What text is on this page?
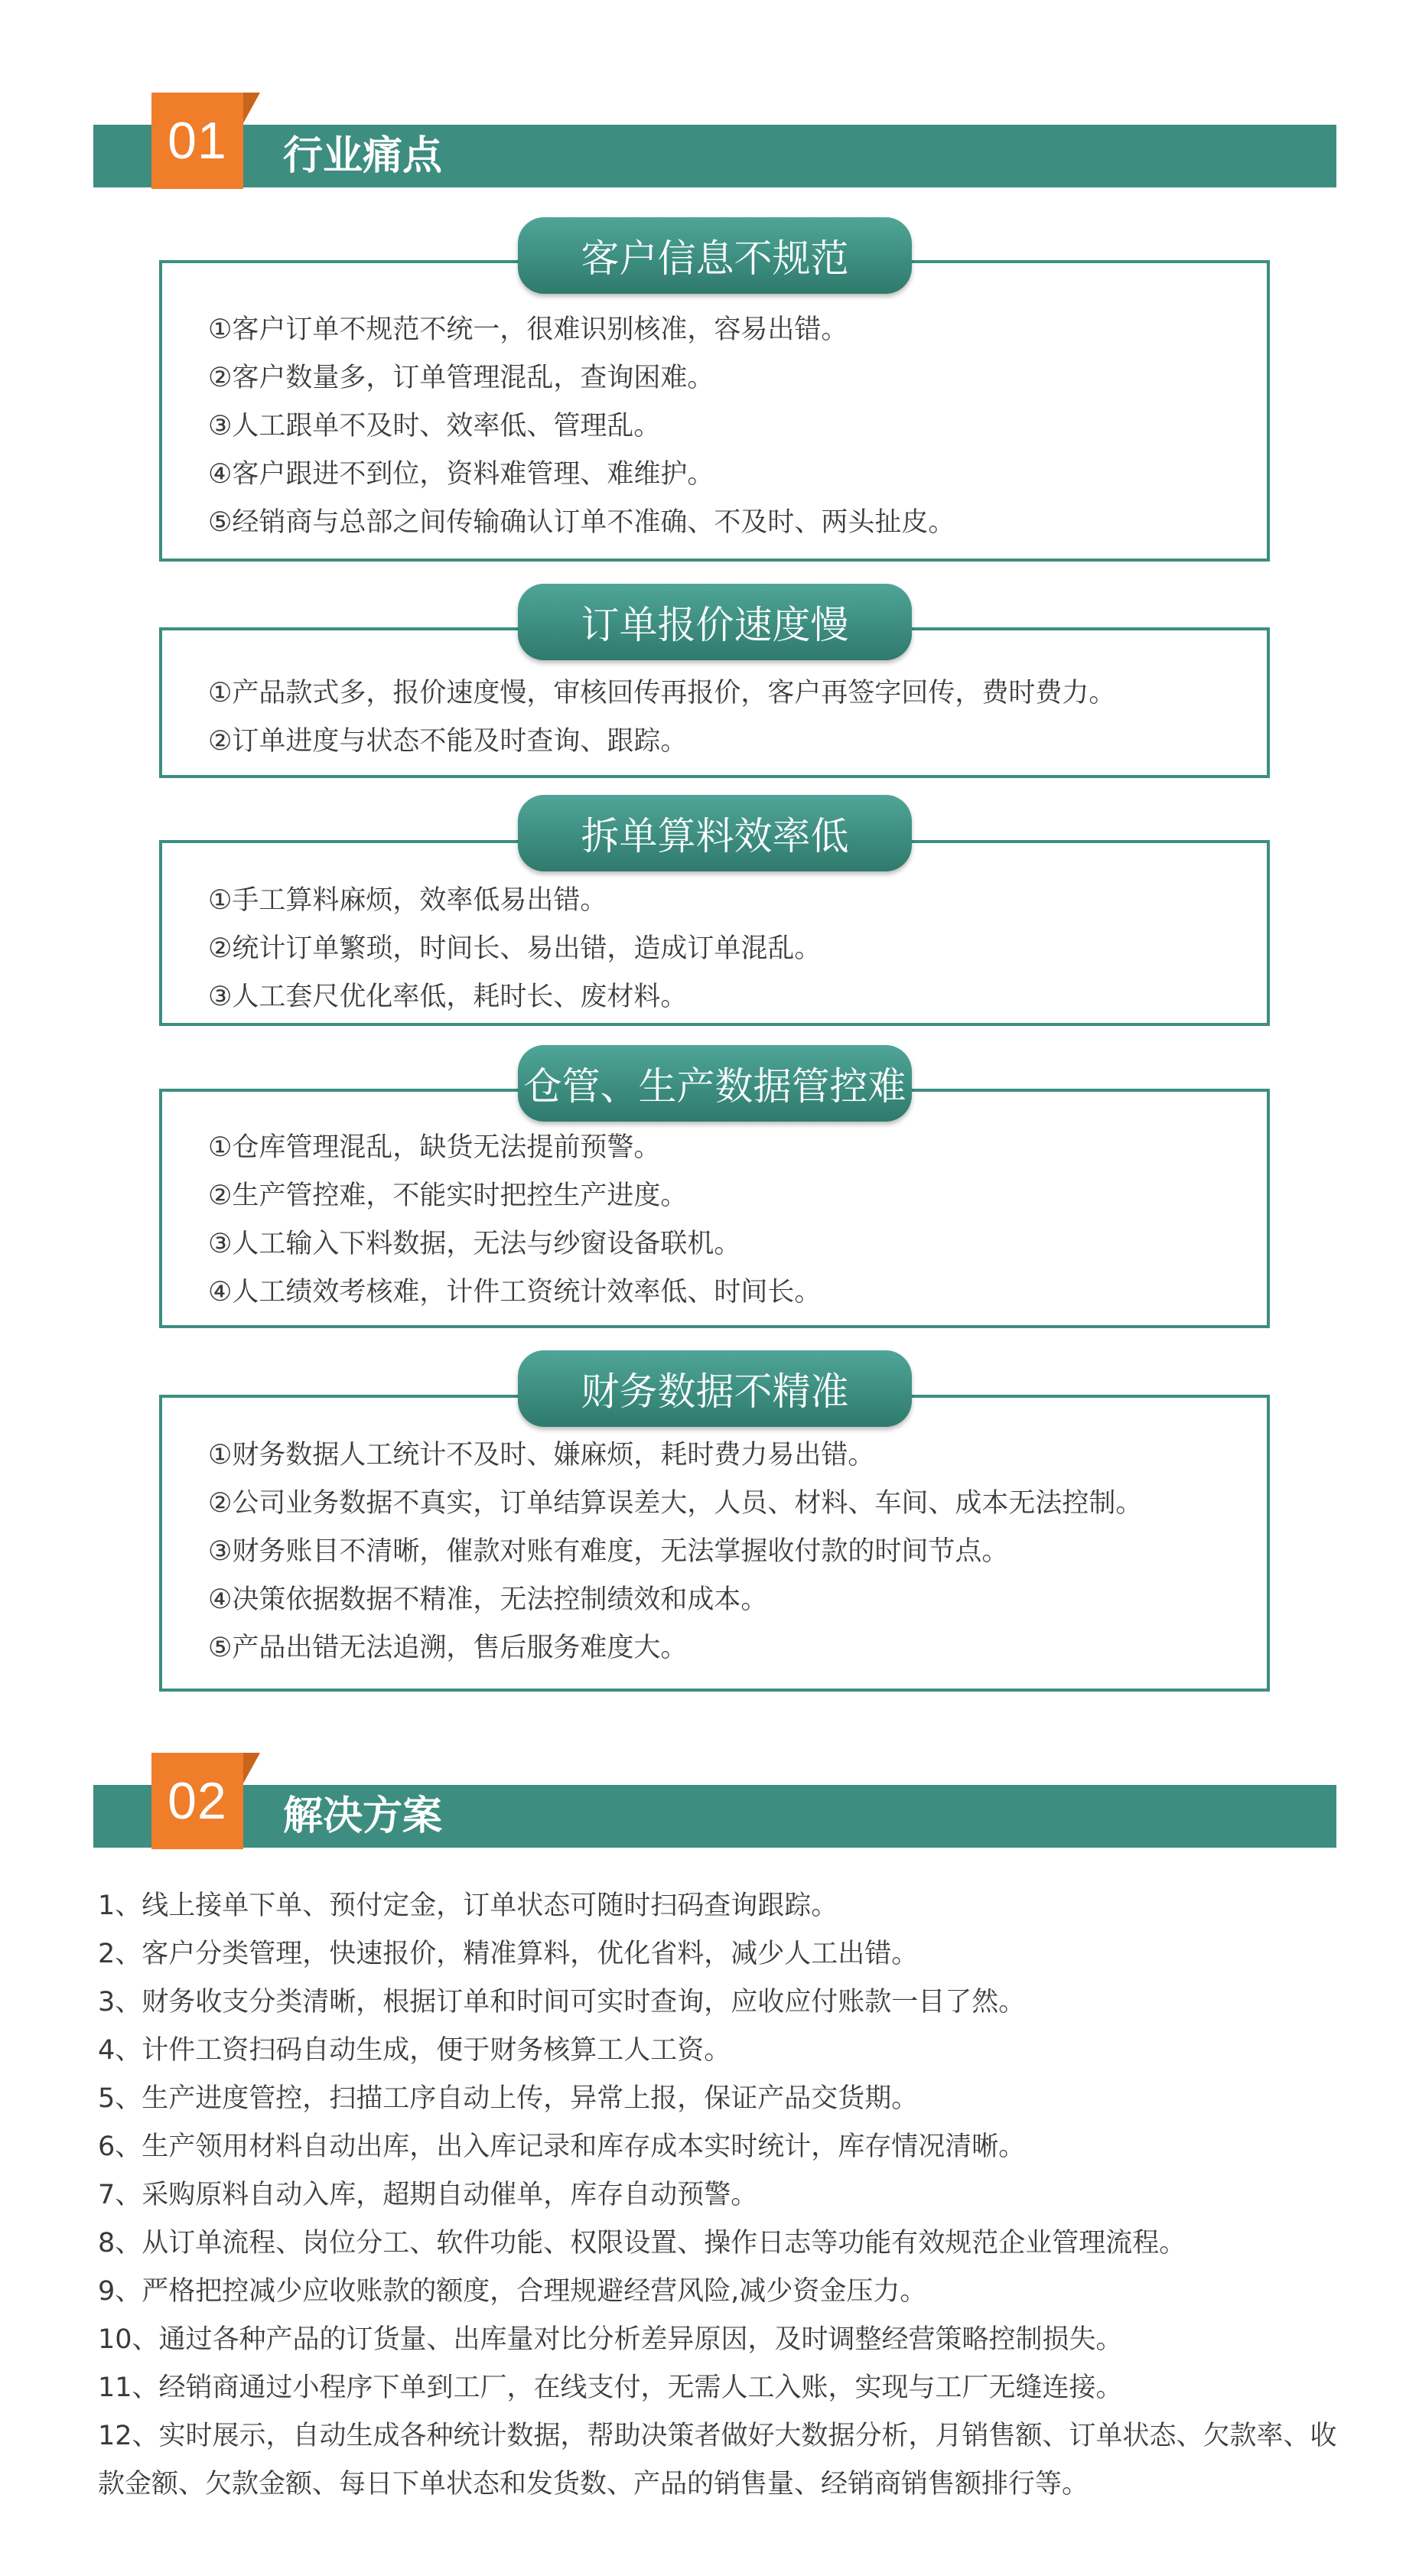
01	行业痛点
客户信息不规范
①客户订单不规范不统一，很难识别核准，容易出错。
②客户数量多，订单管理混乱，查询困难。
③人工跟单不及时、效率低、管理乱。
④客户跟进不到位，资料难管理、难维护。
⑤经销商与总部之间传输确认订单不准确、不及时、两头扯皮。
订单报价速度慢
①产品款式多，报价速度慢，审核回传再报价，客户再签字回传，费时费力。
②订单进度与状态不能及时查询、跟踪。
拆单算料效率低
①手工算料麻烦，效率低易出错。
②统计订单繁琐，时间长、易出错，造成订单混乱。
③人工套尺优化率低，耗时长、废材料。
仓管、生产数据管控难
①仓库管理混乱，缺货无法提前预警。
②生产管控难，不能实时把控生产进度。
③人工输入下料数据，无法与纱窗设备联机。
④人工绩效考核难，计件工资统计效率低、时间长。
财务数据不精准
①财务数据人工统计不及时、嫌麻烦，耗时费力易出错。
②公司业务数据不真实，订单结算误差大，人员、材料、车间、成本无法控制。
③财务账目不清晰，催款对账有难度，无法掌握收付款的时间节点。
④决策依据数据不精准，无法控制绩效和成本。
⑤产品出错无法追溯，售后服务难度大。
02	解决方案
1、线上接单下单、预付定金，订单状态可随时扫码查询跟踪。
2、客户分类管理，快速报价，精准算料，优化省料，减少人工出错。
3、财务收支分类清晰，根据订单和时间可实时查询，应收应付账款一目了然。
4、计件工资扫码自动生成，便于财务核算工人工资。
5、生产进度管控，扫描工序自动上传，异常上报，保证产品交货期。
6、生产领用材料自动出库，出入库记录和库存成本实时统计，库存情况清晰。
7、采购原料自动入库，超期自动催单，库存自动预警。
8、从订单流程、岗位分工、软件功能、权限设置、操作日志等功能有效规范企业管理流程。
9、严格把控减少应收账款的额度，合理规避经营风险,减少资金压力。
10、通过各种产品的订货量、出库量对比分析差异原因，及时调整经营策略控制损失。
11、经销商通过小程序下单到工厂，在线支付，无需人工入账，实现与工厂无缝连接。
12、实时展示，自动生成各种统计数据，帮助决策者做好大数据分析，月销售额、订单状态、欠款率、收款金额、欠款金额、每日下单状态和发货数、产品的销售量、经销商销售额排行等。
